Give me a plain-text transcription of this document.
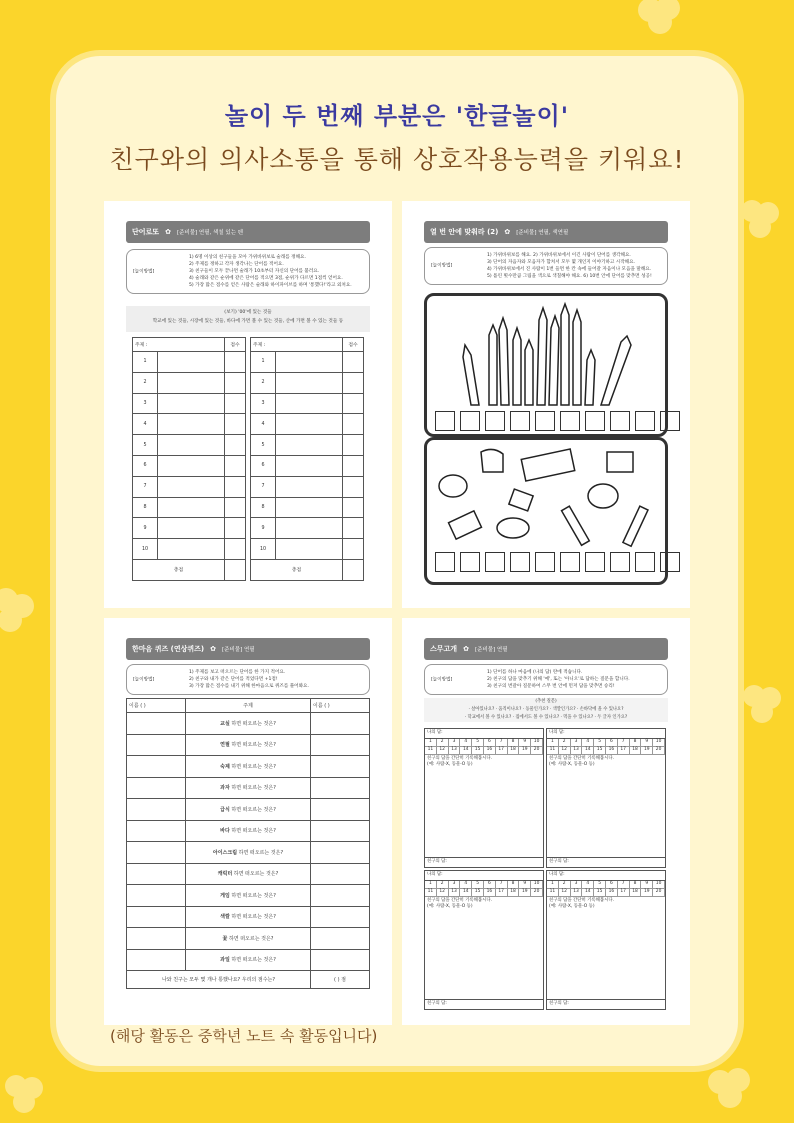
놀이 두 번째 부분은 '한글놀이'
친구와의 의사소통을 통해 상호작용능력을 키워요!
단어로또 ✿ [준비물] 연필, 색칠 있는 펜
[놀이방법]
1) 6명 이상의 친구들을 모아 가위바위보로 술래를 정해요.
2) 주제를 정하고 각자 생각나는 단어를 적어요.
3) 친구들이 모두 끝나면 술래가 10초부터 자신의 단어를 불러요.
4) 술래와 같은 순위에 같은 단어를 적으면 3점, 순위가 다르면 1점씩 얻어요.
5) 가장 많은 점수를 얻은 사람은 술래와 하이파이브를 하며 '통했다!'라고 외쳐요.
(보기) '00'에 있는 것들
학교에 있는 것들, 시장에 있는 것들, 바다에 가면 볼 수 있는 것들, 산에 가면 볼 수 있는 것들 등
주제 :		점수
1		
2		
3		
4		
5		
6		
7		
8		
9		
10		
총점		
주제 :		점수
1		
2		
3		
4		
5		
6		
7		
8		
9		
10		
총점		
열 번 안에 맞춰라 (2) ✿ [준비물] 연필, 색연필
[놀이방법]
1) 가위바위보를 해요. 2) 가위바위보에서 이긴 사람이 단어를 생각해요.
3) 단어의 자음자와 모음자가 합쳐서 모두 몇 개인지 이야기하고 시작해요.
4) 가위바위보에서 진 사람이 1번 들면 한 칸 속에 들어갈 자음이나 모음을 말해요.
5) 틀린 횟수만큼 그림을 색으로 색칠해야 해요. 6) 10번 안에 단어를 맞추면 성공!
한마음 퀴즈 (연상퀴즈) ✿ [준비물] 연필
[놀이방법]
1) 주제를 보고 떠오르는 단어를 한 가지 적어요.
2) 친구와 내가 같은 단어를 적었다면 +1점!
3) 가장 많은 점수를 내기 위해 한마음으로 퀴즈를 풀어봐요.
이름 ( )	주제	이름 ( )
	교실 하면 떠오르는 것은?	
	연필 하면 떠오르는 것은?	
	숙제 하면 떠오르는 것은?	
	과자 하면 떠오르는 것은?	
	급식 하면 떠오르는 것은?	
	바다 하면 떠오르는 것은?	
	아이스크림 하면 떠오르는 것은?	
	캐릭터 하면 떠오르는 것은?	
	게임 하면 떠오르는 것은?	
	색깔 하면 떠오르는 것은?	
	꽃 하면 떠오르는 것은?	
	과일 하면 떠오르는 것은?	
나와 친구는 모두 몇 개나 통했나요? 우리의 점수는?		( ) 점
스무고개 ✿ [준비물] 연필
[놀이방법]
1) 단어를 하나 마음에 (나의 답) 란에 적습니다.
2) 친구의 답을 맞추기 위해 '예', 또는 '아니오'로 답하는 질문을 합니다.
3) 친구의 번갈아 질문하여 스무 번 안에 먼저 답을 맞추면 승리!
(추천 질문)
· 살아있나요? · 움직이나요? · 동물인가요? · 색깔인가요? · 손바닥에 올 수 있나요?
· 학교에서 볼 수 있나요? · 집에서도 볼 수 있나요? · 먹을 수 있나요? · 두 글자 인가요?
나의 답:
1	2	3	4	5	6	7	8	9	10
11	12	13	14	15	16	17	18	19	20
친구의 답을 간단히 기록해봅시다.
(예: 사람-X, 동물-O 등)
친구의 답:
나의 답:
1	2	3	4	5	6	7	8	9	10
11	12	13	14	15	16	17	18	19	20
친구의 답을 간단히 기록해봅시다.
(예: 사람-X, 동물-O 등)
친구의 답:
나의 답:
1	2	3	4	5	6	7	8	9	10
11	12	13	14	15	16	17	18	19	20
친구의 답을 간단히 기록해봅시다.
(예: 사람-X, 동물-O 등)
친구의 답:
나의 답:
1	2	3	4	5	6	7	8	9	10
11	12	13	14	15	16	17	18	19	20
친구의 답을 간단히 기록해봅시다.
(예: 사람-X, 동물-O 등)
친구의 답:
(해당 활동은 중학년 노트 속 활동입니다)
